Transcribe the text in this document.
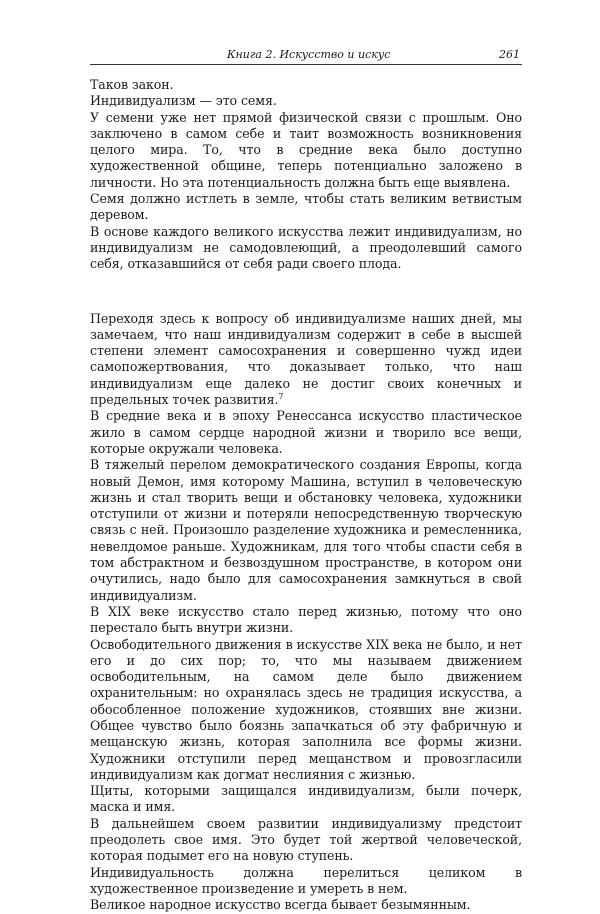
Книга 2. Искусство и искус	261

Таков закон.

Индивидуализм — это семя.

У семени уже нет прямой физической связи с прошлым. Оно заключено в самом себе и таит возможность возникновения целого мира. То, что в средние века было доступно художественной общине, теперь потенциально заложено в личности. Но эта потенциальность должна быть еще выявлена.

Семя должно истлеть в земле, чтобы стать великим ветвистым деревом.

В основе каждого великого искусства лежит индивидуализм, но индивидуализм не самодовлеющий, а преодолевший самого себя, отказавшийся от себя ради своего плода.

Переходя здесь к вопросу об индивидуализме наших дней, мы замечаем, что наш индивидуализм содержит в себе в высшей степени элемент самосохранения и совершенно чужд идеи самопожертвования, что доказывает только, что наш индивидуализм еще далеко не достиг своих конечных и предельных точек развития.$^7$

В средние века и в эпоху Ренессанса искусство пластическое жило в самом сердце народной жизни и творило все вещи, которые окружали человека.

В тяжелый перелом демократического создания Европы, когда новый Демон, имя которому Машина, вступил в человеческую жизнь и стал творить вещи и обстановку человека, художники отступили от жизни и потеряли непосредственную творческую связь с ней. Произошло разделение художника и ремесленника, невелдомое раньше. Художникам, для того чтобы спасти себя в том абстрактном и безвоздушном пространстве, в котором они очутились, надо было для самосохранения замкнуться в свой индивидуализм.

В XIX веке искусство стало перед жизнью, потому что оно перестало быть внутри жизни.

Освободительного движения в искусстве XIX века не было, и нет его и до сих пор; то, что мы называем движением освободительным, на самом деле было движением охранительным: но охранялась здесь не традиция искусства, а обособленное положение художников, стоявших вне жизни. Общее чувство было боязнь запачкаться об эту фабричную и мещанскую жизнь, которая заполнила все формы жизни. Художники отступили перед мещанством и провозгласили индивидуализм как догмат неслияния с жизнью.

Щиты, которыми защищался индивидуализм, были почерк, маска и имя.

В дальнейшем своем развитии индивидуализму предстоит преодолеть свое имя. Это будет той жертвой человеческой, которая подымет его на новую ступень.

Индивидуальность должна перелиться целиком в художественное произведение и умереть в нем.

Великое народное искусство всегда бывает безымянным.
